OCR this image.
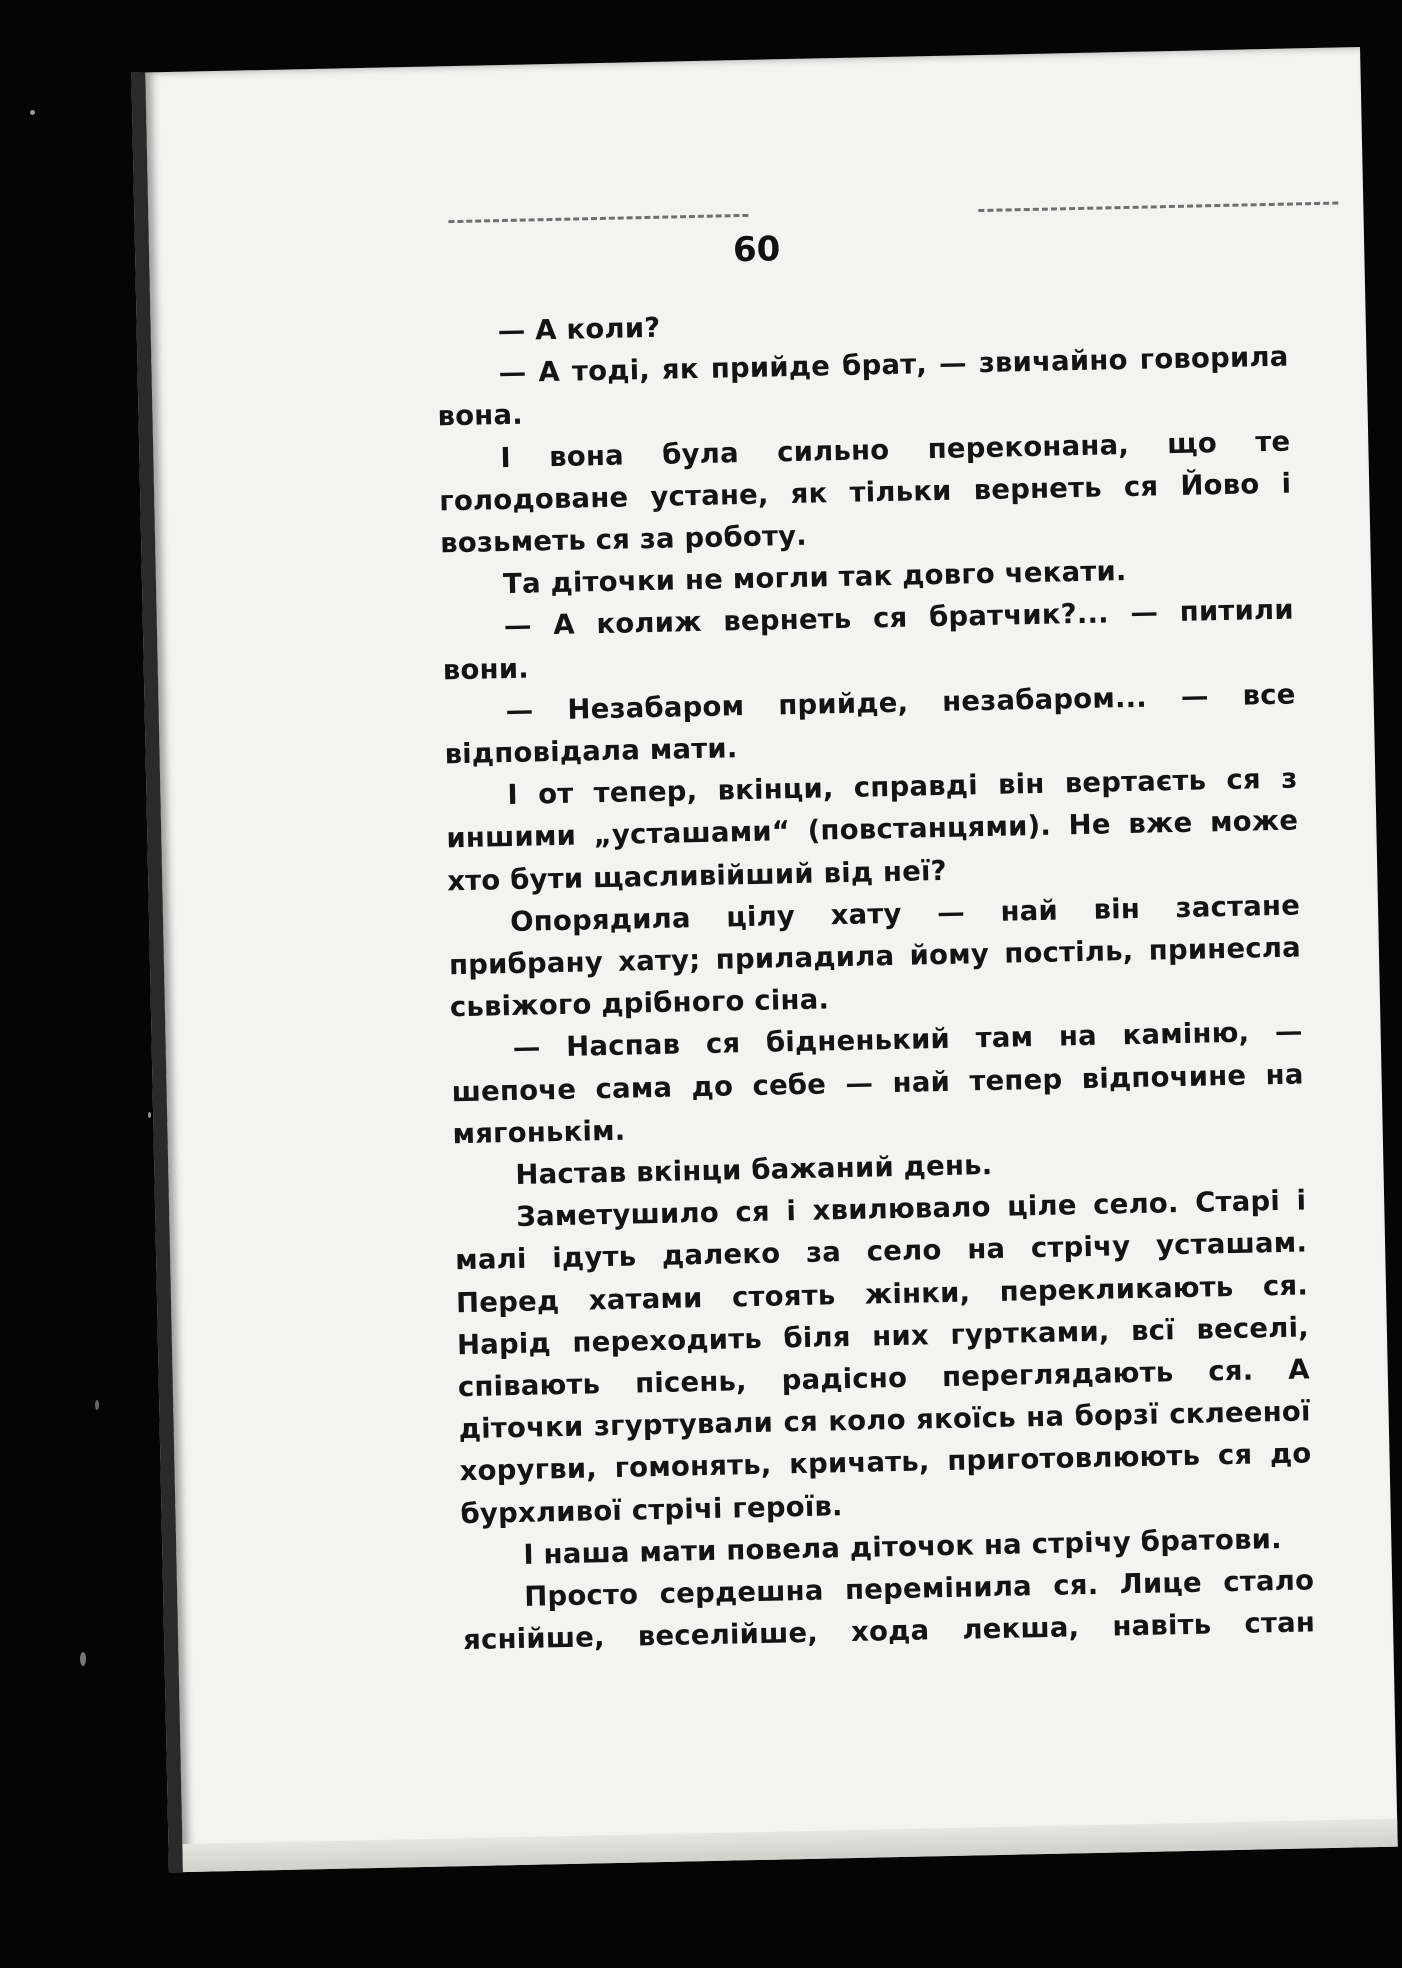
60

— А коли?

— А тоді, як прийде брат, — звичайно говорила вона.

І вона була сильно переконана, що те голодоване устане, як тільки вернеть ся Йово і возьметь ся за роботу.

Та діточки не могли так довго чекати.

— А колиж вернеть ся братчик?... — питили вони.

— Незабаром прийде, незабаром... — все відповідала мати.

І от тепер, вкінци, справді він вертаєть ся з иншими „усташами“ (повстанцями). Не вже може хто бути щасливійший від неї?

Опорядила цілу хату — най він застане прибрану хату; приладила йому постіль, принесла сьвіжого дрібного сіна.

— Наспав ся бідненький там на каміню, — шепоче сама до себе — най тепер відпочине на мягонькім.

Настав вкінци бажаний день.

Заметушило ся і хвилювало ціле село. Старі і малі ідуть далеко за село на стрічу усташам. Перед хатами стоять жінки, перекликають ся. Нарід переходить біля них гуртками, всї веселі, співають пісень, радісно переглядають ся. А діточки згуртували ся коло якоїсь на борзї склееної хоругви, гомонять, кричать, приготовлюють ся до бурхливої стрічі героїв.

І наша мати повела діточок на стрічу братови.

Просто сердешна перемінила ся. Лице стало яснійше, веселійше, хода лекша, навіть стан
